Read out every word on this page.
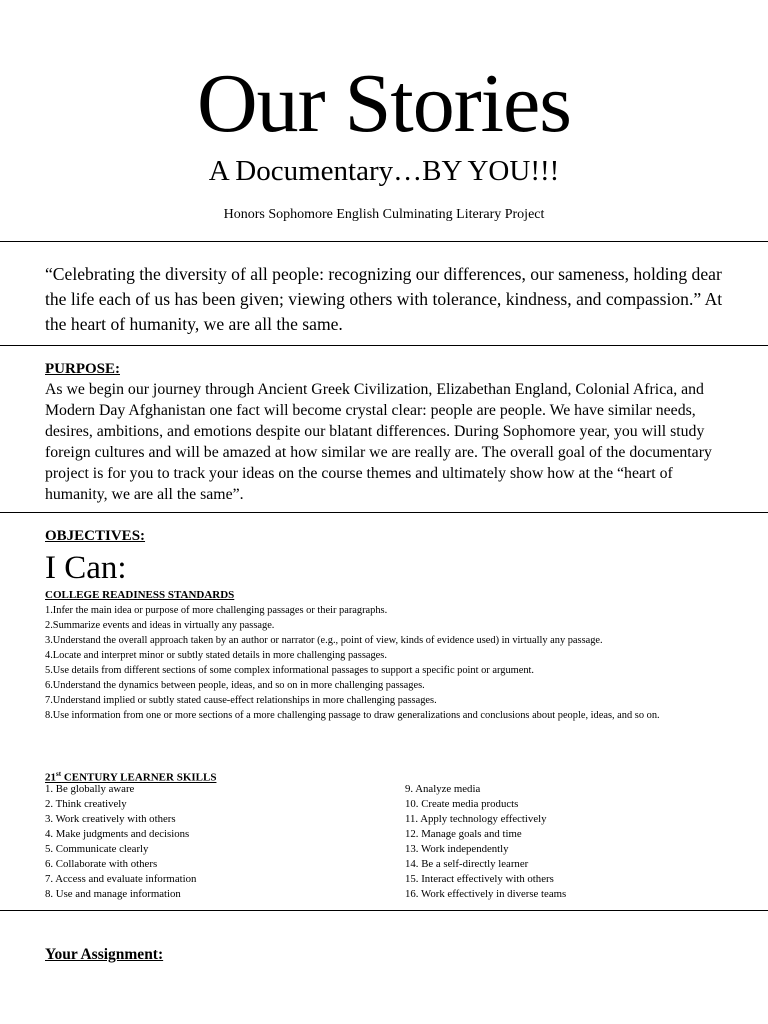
Our Stories
A Documentary…BY YOU!!!
Honors Sophomore English Culminating Literary Project
“Celebrating the diversity of all people: recognizing our differences, our sameness, holding dear the life each of us has been given; viewing others with tolerance, kindness, and compassion.” At the heart of humanity, we are all the same.
PURPOSE:
As we begin our journey through Ancient Greek Civilization, Elizabethan England, Colonial Africa, and Modern Day Afghanistan one fact will become crystal clear: people are people. We have similar needs, desires, ambitions, and emotions despite our blatant differences. During Sophomore year, you will study foreign cultures and will be amazed at how similar we are really are. The overall goal of the documentary project is for you to track your ideas on the course themes and ultimately show how at the “heart of humanity, we are all the same”.
OBJECTIVES:
I Can:
COLLEGE READINESS STANDARDS
1. Infer the main idea or purpose of more challenging passages or their paragraphs.
2. Summarize events and ideas in virtually any passage.
3. Understand the overall approach taken by an author or narrator (e.g., point of view, kinds of evidence used) in virtually any passage.
4. Locate and interpret minor or subtly stated details in more challenging passages.
5. Use details from different sections of some complex informational passages to support a specific point or argument.
6. Understand the dynamics between people, ideas, and so on in more challenging passages.
7. Understand implied or subtly stated cause-effect relationships in more challenging passages.
8. Use information from one or more sections of a more challenging passage to draw generalizations and conclusions about people, ideas, and so on.
21st CENTURY LEARNER SKILLS
1. Be globally aware
2. Think creatively
3. Work creatively with others
4. Make judgments and decisions
5. Communicate clearly
6. Collaborate with others
7. Access and evaluate information
8. Use and manage information
9. Analyze media
10. Create media products
11. Apply technology effectively
12. Manage goals and time
13. Work independently
14. Be a self-directly learner
15. Interact effectively with others
16. Work effectively in diverse teams
Your Assignment:
